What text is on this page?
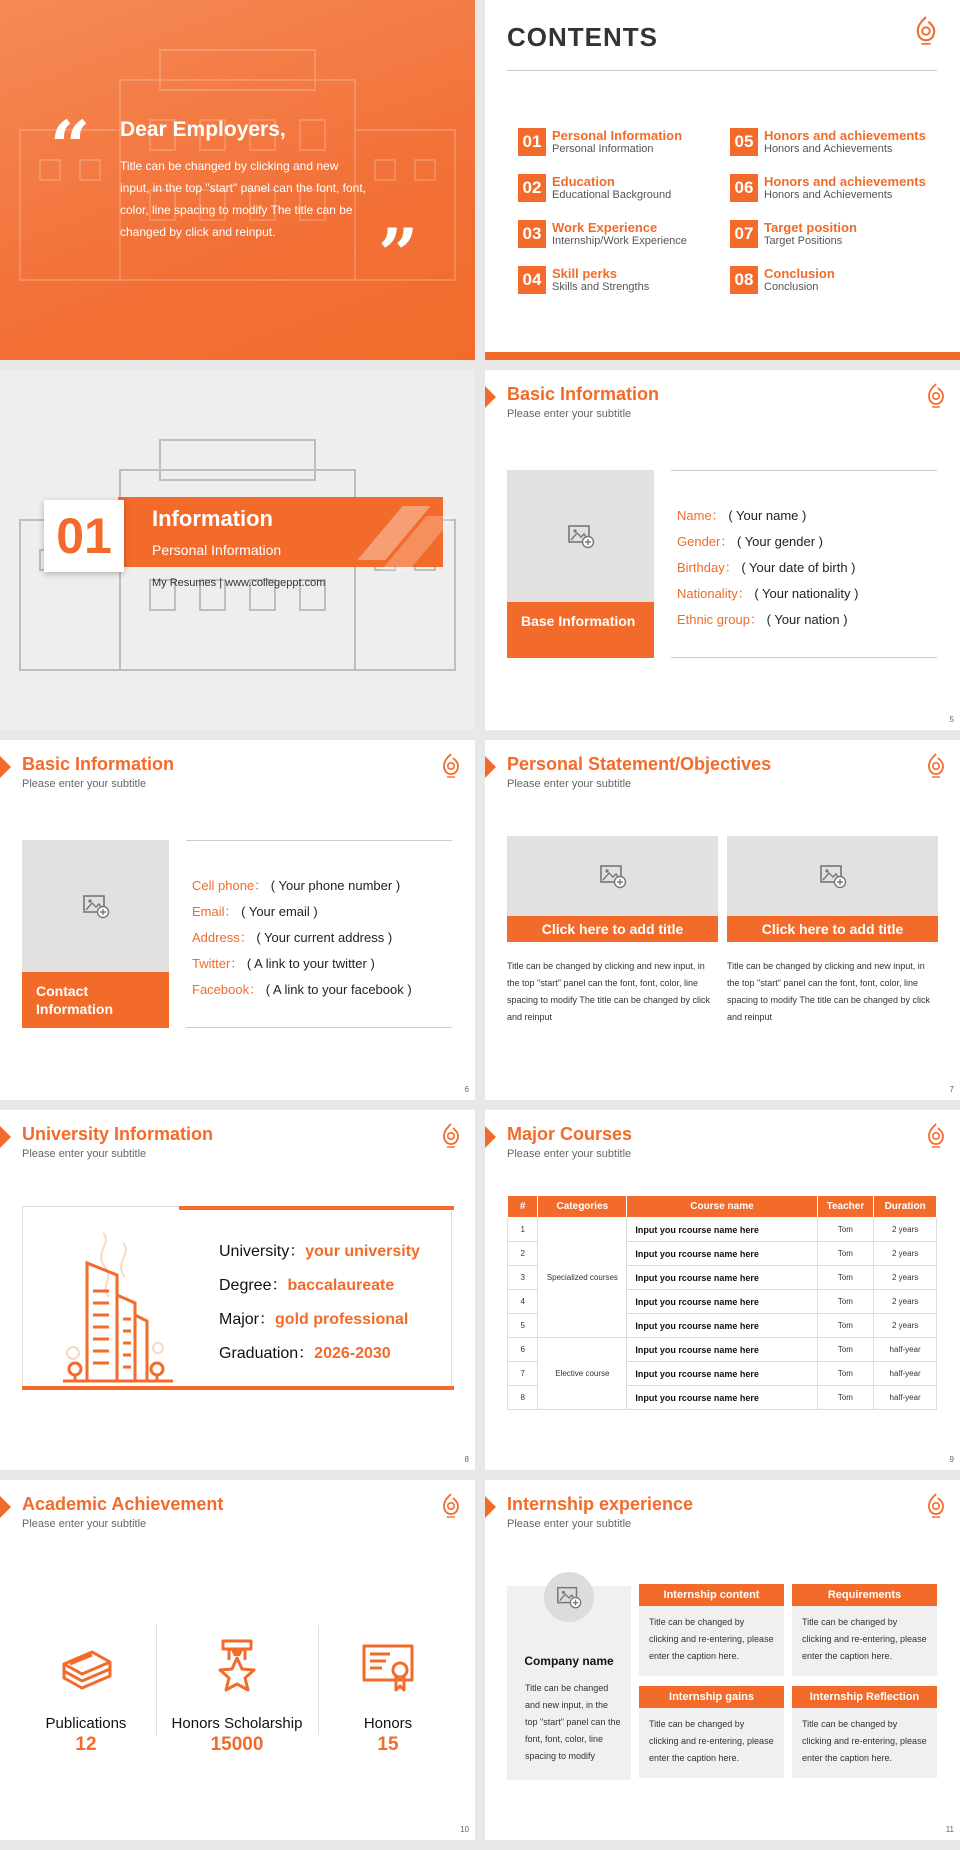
“ Dear Employers,
Title can be changed by clicking and new input, in the top "start" panel can the font, font, color, line spacing to modify The title can be changed by click and reinput.	”
CONTENTS
01 Personal Information
Personal Information
02 Education
Educational Background
03 Work Experience
Internship/Work Experience
04 Skill perks
Skills and Strengths
05 Honors and achievements
Honors and Achievements
06 Honors and achievements
Honors and Achievements
07 Target position
Target Positions
08 Conclusion
Conclusion
01	Information
Personal Information
My Resumes | www.collegeppt.com
Basic Information
Please enter your subtitle
Base Information
Name： ( Your name )
Gender： ( Your gender )
Birthday： ( Your date of birth )
Nationality： ( Your nationality )
Ethnic group： ( Your nation )
5
Basic Information
Please enter your subtitle
Contact Information
Cell phone： ( Your phone number )
Email： ( Your email )
Address： ( Your current address )
Twitter： ( A link to your twitter )
Facebook： ( A link to your facebook )
6
Personal Statement/Objectives
Please enter your subtitle
Click here to add title
Title can be changed by clicking and new input, in the top "start" panel can the font, font, color, line spacing to modify The title can be changed by click and reinput
Click here to add title
Title can be changed by clicking and new input, in the top "start" panel can the font, font, color, line spacing to modify The title can be changed by click and reinput
7
University Information
Please enter your subtitle
University：your university
Degree：baccalaureate
Major：gold professional
Graduation：2026-2030
8
Major Courses
Please enter your subtitle
#	Categories	Course name	Teacher	Duration
1	Specialized courses	Input you rcourse name here	Tom	2 years
2		Input you rcourse name here	Tom	2 years
3		Input you rcourse name here	Tom	2 years
4		Input you rcourse name here	Tom	2 years
5		Input you rcourse name here	Tom	2 years
6	Elective course	Input you rcourse name here	Tom	half-year
7		Input you rcourse name here	Tom	half-year
8		Input you rcourse name here	Tom	half-year
9
Academic Achievement
Please enter your subtitle
Publications
12
Honors Scholarship
15000
Honors
15
10
Internship experience
Please enter your subtitle
Company name
Title can be changed and new input, in the top "start" panel can the font, font, color, line spacing to modify
Internship content
Title can be changed by clicking and re-entering, please enter the caption here.
Requirements
Title can be changed by clicking and re-entering, please enter the caption here.
Internship gains
Title can be changed by clicking and re-entering, please enter the caption here.
Internship Reflection
Title can be changed by clicking and re-entering, please enter the caption here.
11
